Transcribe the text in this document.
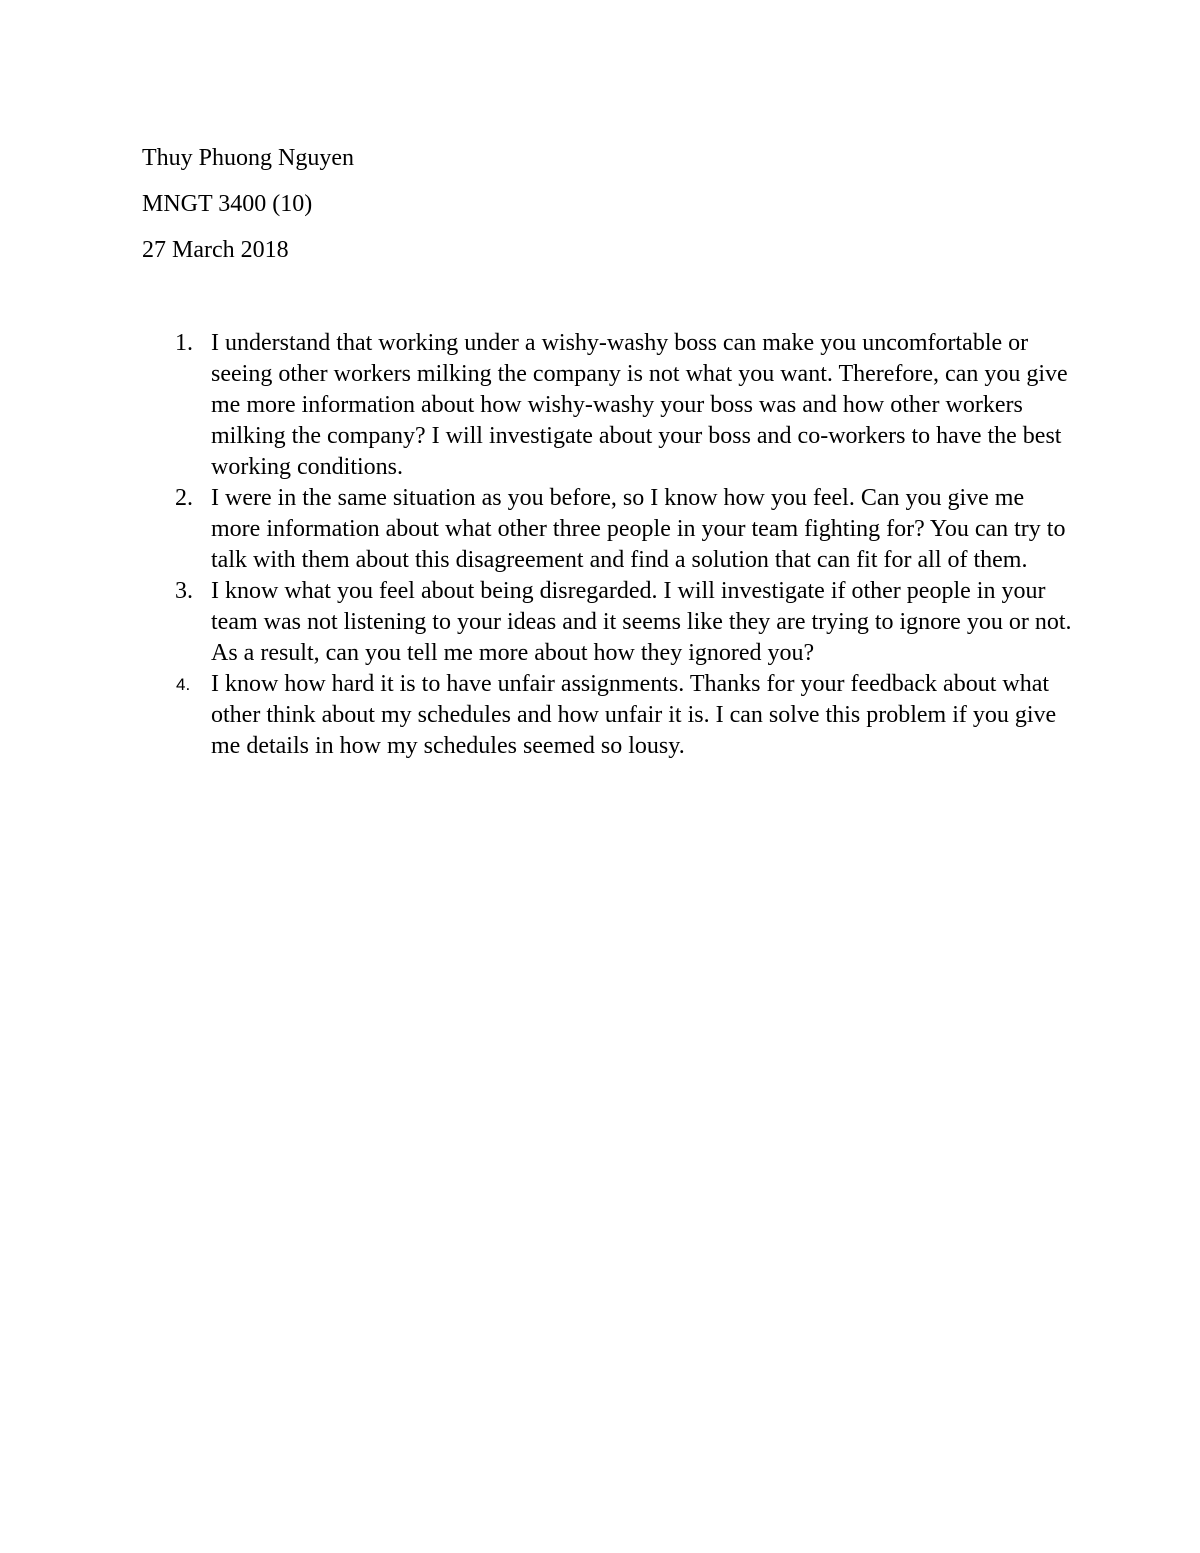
Thuy Phuong Nguyen
MNGT 3400 (10)
27 March 2018
1. I understand that working under a wishy-washy boss can make you uncomfortable or seeing other workers milking the company is not what you want. Therefore, can you give me more information about how wishy-washy your boss was and how other workers milking the company? I will investigate about your boss and co-workers to have the best working conditions.
2. I were in the same situation as you before, so I know how you feel. Can you give me more information about what other three people in your team fighting for? You can try to talk with them about this disagreement and find a solution that can fit for all of them.
3. I know what you feel about being disregarded. I will investigate if other people in your team was not listening to your ideas and it seems like they are trying to ignore you or not. As a result, can you tell me more about how they ignored you?
4. I know how hard it is to have unfair assignments. Thanks for your feedback about what other think about my schedules and how unfair it is. I can solve this problem if you give me details in how my schedules seemed so lousy.
